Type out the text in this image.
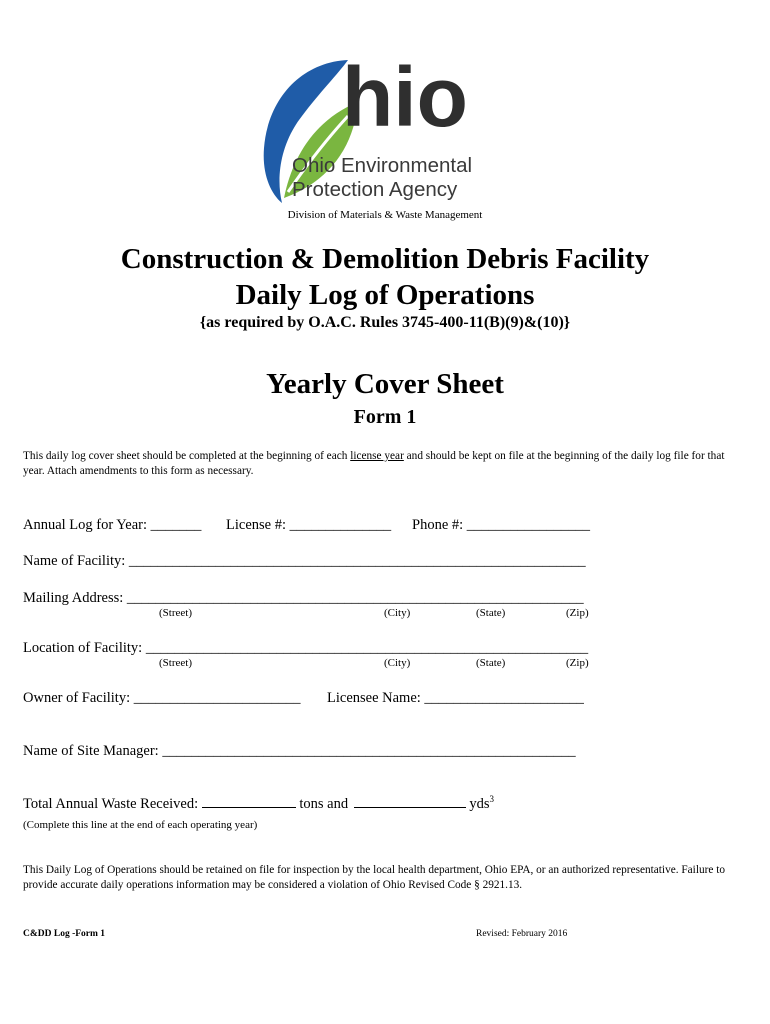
hio
Ohio Environmental
Protection Agency
Division of Materials & Waste Management
Construction & Demolition Debris Facility
Daily Log of Operations
{as required by O.A.C. Rules 3745-400-11(B)(9)&(10)}
Yearly Cover Sheet
Form 1
This daily log cover sheet should be completed at the beginning of each license year and should be kept on file at the beginning of the daily log file for that year. Attach amendments to this form as necessary.
Annual Log for Year: _______ License #: ______________ Phone #: _________________
Name of Facility: _______________________________________________________________
Mailing Address: _______________________________________________________________
(Street)	(City)	(State)	(Zip)
Location of Facility: _____________________________________________________________
(Street)	(City)	(State)	(Zip)
Owner of Facility: _______________________ Licensee Name: ______________________
Name of Site Manager: _________________________________________________________
Total Annual Waste Received:	tons and	yds$^3$
(Complete this line at the end of each operating year)
This Daily Log of Operations should be retained on file for inspection by the local health department, Ohio EPA, or an authorized representative. Failure to provide accurate daily operations information may be considered a violation of Ohio Revised Code § 2921.13.
C&DD Log -Form 1	Revised: February 2016
